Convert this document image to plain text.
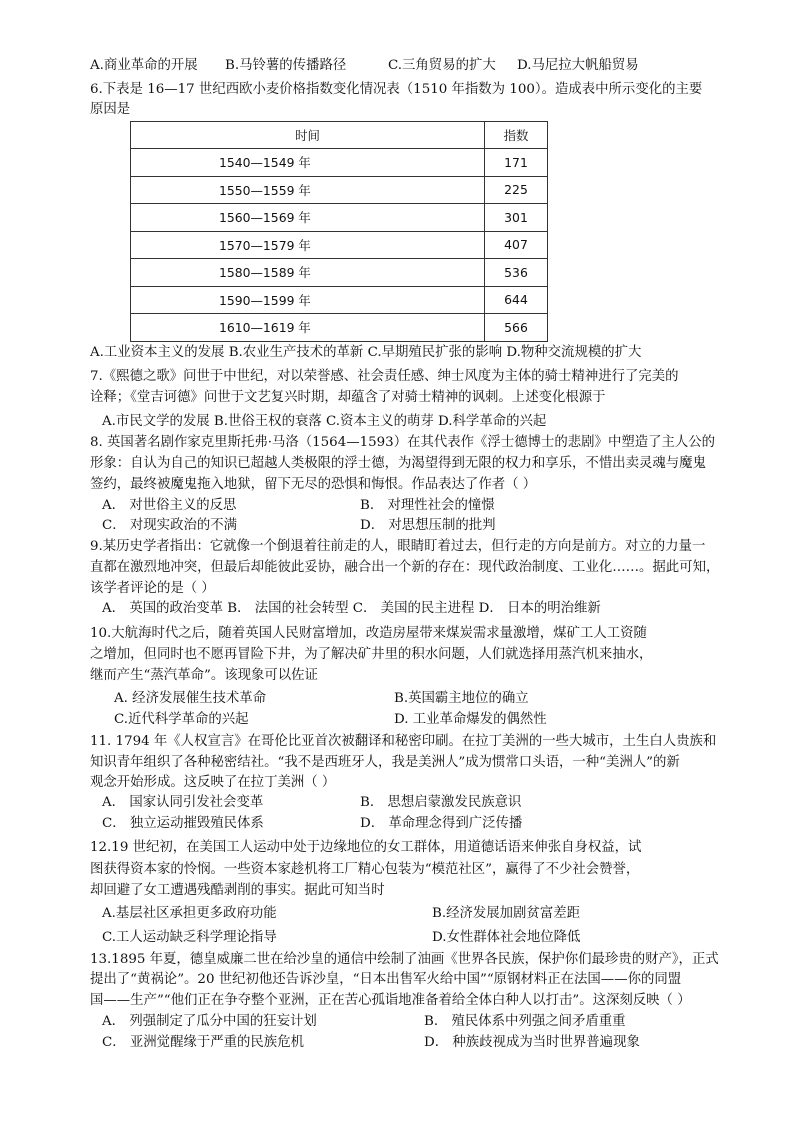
A.商业革命的开展 B.马铃薯的传播路径	C.三角贸易的扩大 D.马尼拉大帆船贸易
6.下表是 16—17 世纪西欧小麦价格指数变化情况表（1510 年指数为 100）。造成表中所示变化的主要
原因是
时间	指数
1540—1549 年	171
1550—1559 年	225
1560—1569 年	301
1570—1579 年	407
1580—1589 年	536
1590—1599 年	644
1610—1619 年	566
A.工业资本主义的发展 B.农业生产技术的革新 C.早期殖民扩张的影响 D.物种交流规模的扩大
7.《熙德之歌》问世于中世纪，对以荣誉感、社会责任感、绅士风度为主体的骑士精神进行了完美的
诠释；《堂吉诃德》问世于文艺复兴时期，却蕴含了对骑士精神的讽刺。上述变化根源于
A.市民文学的发展 B.世俗王权的衰落 C.资本主义的萌芽 D.科学革命的兴起
8. 英国著名剧作家克里斯托弗·马洛（1564—1593）在其代表作《浮士德博士的悲剧》中塑造了主人公的
形象：自认为自己的知识已超越人类极限的浮士德，为渴望得到无限的权力和享乐，不惜出卖灵魂与魔鬼
签约，最终被魔鬼拖入地狱，留下无尽的恐惧和悔恨。作品表达了作者（ ）
A． 对世俗主义的反思	B． 对理性社会的憧憬
C． 对现实政治的不满	D． 对思想压制的批判
9.某历史学者指出：它就像一个倒退着往前走的人，眼睛盯着过去，但行走的方向是前方。对立的力量一
直都在激烈地冲突，但最后却能彼此妥协，融合出一个新的存在：现代政治制度、工业化……。据此可知，
该学者评论的是（ ）
A． 英国的政治变革 B． 法国的社会转型 C． 美国的民主进程 D． 日本的明治维新
10.大航海时代之后，随着英国人民财富增加，改造房屋带来煤炭需求量激增，煤矿工人工资随
之增加，但同时也不愿再冒险下井，为了解决矿井里的积水问题，人们就选择用蒸汽机来抽水，
继而产生“蒸汽革命”。该现象可以佐证
A. 经济发展催生技术革命	B.英国霸主地位的确立
C.近代科学革命的兴起	D. 工业革命爆发的偶然性
11. 1794 年《人权宣言》在哥伦比亚首次被翻译和秘密印刷。在拉丁美洲的一些大城市，土生白人贵族和
知识青年组织了各种秘密结社。“我不是西班牙人，我是美洲人”成为惯常口头语，一种“美洲人”的新
观念开始形成。这反映了在拉丁美洲（ ）
A． 国家认同引发社会变革	B． 思想启蒙激发民族意识
C． 独立运动摧毁殖民体系	D． 革命理念得到广泛传播
12.19 世纪初，在美国工人运动中处于边缘地位的女工群体，用道德话语来伸张自身权益，试
图获得资本家的怜悯。一些资本家趁机将工厂精心包装为“模范社区”，赢得了不少社会赞誉，
却回避了女工遭遇残酷剥削的事实。据此可知当时
A.基层社区承担更多政府功能	B.经济发展加剧贫富差距
C.工人运动缺乏科学理论指导	D.女性群体社会地位降低
13.1895 年夏，德皇威廉二世在给沙皇的通信中绘制了油画《世界各民族，保护你们最珍贵的财产》，正式
提出了“黄祸论”。20 世纪初他还告诉沙皇，“日本出售军火给中国”“原钢材料正在法国——你的同盟
国——生产”“他们正在争夺整个亚洲，正在苦心孤诣地准备着给全体白种人以打击”。这深刻反映（ ）
A． 列强制定了瓜分中国的狂妄计划	B． 殖民体系中列强之间矛盾重重
C． 亚洲觉醒缘于严重的民族危机	D． 种族歧视成为当时世界普遍现象
